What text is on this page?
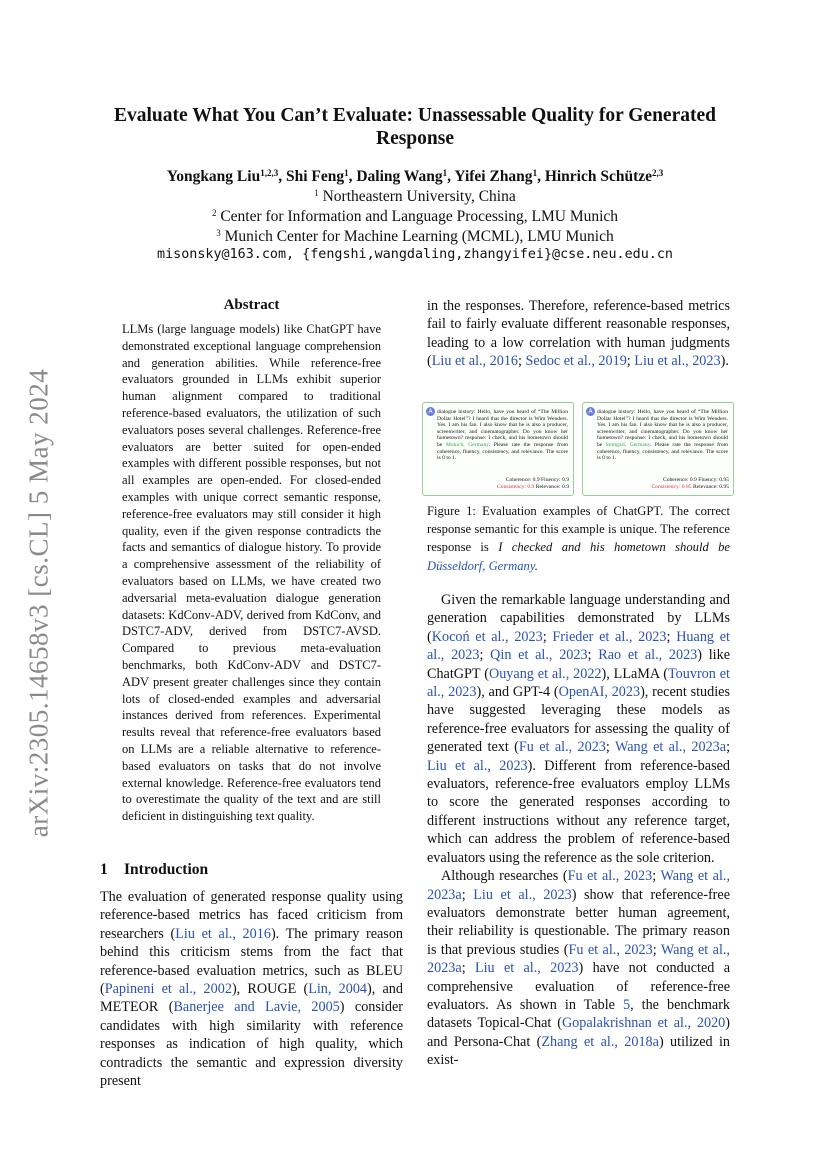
arXiv:2305.14658v3 [cs.CL] 5 May 2024
Evaluate What You Can’t Evaluate: Unassessable Quality for Generated Response
Yongkang Liu$^{1,2,3}$, Shi Feng$^1$, Daling Wang$^1$, Yifei Zhang$^1$, Hinrich Schütze$^{2,3}$
$^1$ Northeastern University, China
$^2$ Center for Information and Language Processing, LMU Munich
$^3$ Munich Center for Machine Learning (MCML), LMU Munich
misonsky@163.com, {fengshi,wangdaling,zhangyifei}@cse.neu.edu.cn
Abstract
LLMs (large language models) like ChatGPT have demonstrated exceptional language comprehension and generation abilities. While reference-free evaluators grounded in LLMs exhibit superior human alignment compared to traditional reference-based evaluators, the utilization of such evaluators poses several challenges. Reference-free evaluators are better suited for open-ended examples with different possible responses, but not all examples are open-ended. For closed-ended examples with unique correct semantic response, reference-free evaluators may still consider it high quality, even if the given response contradicts the facts and semantics of dialogue history. To provide a comprehensive assessment of the reliability of evaluators based on LLMs, we have created two adversarial meta-evaluation dialogue generation datasets: KdConv-ADV, derived from KdConv, and DSTC7-ADV, derived from DSTC7-AVSD. Compared to previous meta-evaluation benchmarks, both KdConv-ADV and DSTC7-ADV present greater challenges since they contain lots of closed-ended examples and adversarial instances derived from references. Experimental results reveal that reference-free evaluators based on LLMs are a reliable alternative to reference-based evaluators on tasks that do not involve external knowledge. Reference-free evaluators tend to overestimate the quality of the text and are still deficient in distinguishing text quality.
1 Introduction

The evaluation of generated response quality using reference-based metrics has faced criticism from researchers (Liu et al., 2016). The primary reason behind this criticism stems from the fact that reference-based evaluation metrics, such as BLEU (Papineni et al., 2002), ROUGE (Lin, 2004), and METEOR (Banerjee and Lavie, 2005) consider candidates with high similarity with reference responses as indication of high quality, which contradicts the semantic and expression diversity present

in the responses. Therefore, reference-based metrics fail to fairly evaluate different reasonable responses, leading to a low correlation with human judgments (Liu et al., 2016; Sedoc et al., 2019; Liu et al., 2023).

A dialogue history: Hello, have you heard of “The Million Dollar Hotel”? I heard that the director is Wim Wenders. Yes. I am his fan. I also know that he is also a producer, screenwriter, and cinematographer. Do you know her hometown? response: I check, and his hometown should be Munich, Germany. Please rate the response from coherence, fluency, consistency, and relevance. The score is 0 to 1.
Coherence: 0.9 Fluency: 0.9
Consistency: 0.9 Relevance: 0.9
A dialogue history: Hello, have you heard of “The Million Dollar Hotel”? I heard that the director is Wim Wenders. Yes. I am his fan. I also know that he is also a producer, screenwriter, and cinematographer. Do you know her hometown? response: I check, and his hometown should be Stuttgart, Germany. Please rate the response from coherence, fluency, consistency, and relevance. The score is 0 to 1.
Coherence: 0.9 Fluency: 0.95
Consistency: 0.85 Relevance: 0.95
Figure 1: Evaluation examples of ChatGPT. The correct response semantic for this example is unique. The reference response is I checked and his hometown should be Düsseldorf, Germany.

Given the remarkable language understanding and generation capabilities demonstrated by LLMs (Kocoń et al., 2023; Frieder et al., 2023; Huang et al., 2023; Qin et al., 2023; Rao et al., 2023) like ChatGPT (Ouyang et al., 2022), LLaMA (Touvron et al., 2023), and GPT-4 (OpenAI, 2023), recent studies have suggested leveraging these models as reference-free evaluators for assessing the quality of generated text (Fu et al., 2023; Wang et al., 2023a; Liu et al., 2023). Different from reference-based evaluators, reference-free evaluators employ LLMs to score the generated responses according to different instructions without any reference target, which can address the problem of reference-based evaluators using the reference as the sole criterion.

Although researches (Fu et al., 2023; Wang et al., 2023a; Liu et al., 2023) show that reference-free evaluators demonstrate better human agreement, their reliability is questionable. The primary reason is that previous studies (Fu et al., 2023; Wang et al., 2023a; Liu et al., 2023) have not conducted a comprehensive evaluation of reference-free evaluators. As shown in Table 5, the benchmark datasets Topical-Chat (Gopalakrishnan et al., 2020) and Persona-Chat (Zhang et al., 2018a) utilized in exist-
